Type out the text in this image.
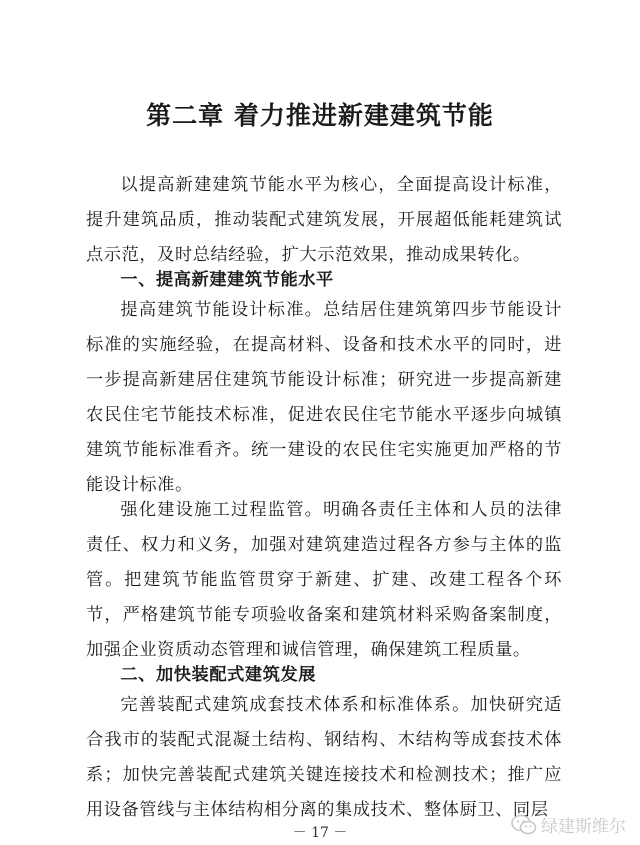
第二章 着力推进新建建筑节能

以提高新建建筑节能水平为核心，全面提高设计标准，提升建筑品质，推动装配式建筑发展，开展超低能耗建筑试点示范，及时总结经验，扩大示范效果，推动成果转化。

一、提高新建建筑节能水平

提高建筑节能设计标准。总结居住建筑第四步节能设计标准的实施经验，在提高材料、设备和技术水平的同时，进一步提高新建居住建筑节能设计标准；研究进一步提高新建农民住宅节能技术标准，促进农民住宅节能水平逐步向城镇建筑节能标准看齐。统一建设的农民住宅实施更加严格的节能设计标准。

强化建设施工过程监管。明确各责任主体和人员的法律责任、权力和义务，加强对建筑建造过程各方参与主体的监管。把建筑节能监管贯穿于新建、扩建、改建工程各个环节，严格建筑节能专项验收备案和建筑材料采购备案制度，加强企业资质动态管理和诚信管理，确保建筑工程质量。

二、加快装配式建筑发展

完善装配式建筑成套技术体系和标准体系。加快研究适合我市的装配式混凝土结构、钢结构、木结构等成套技术体系；加快完善装配式建筑关键连接技术和检测技术；推广应用设备管线与主体结构相分离的集成技术、整体厨卫、同层

绿建斯维尔
－ 17 －
